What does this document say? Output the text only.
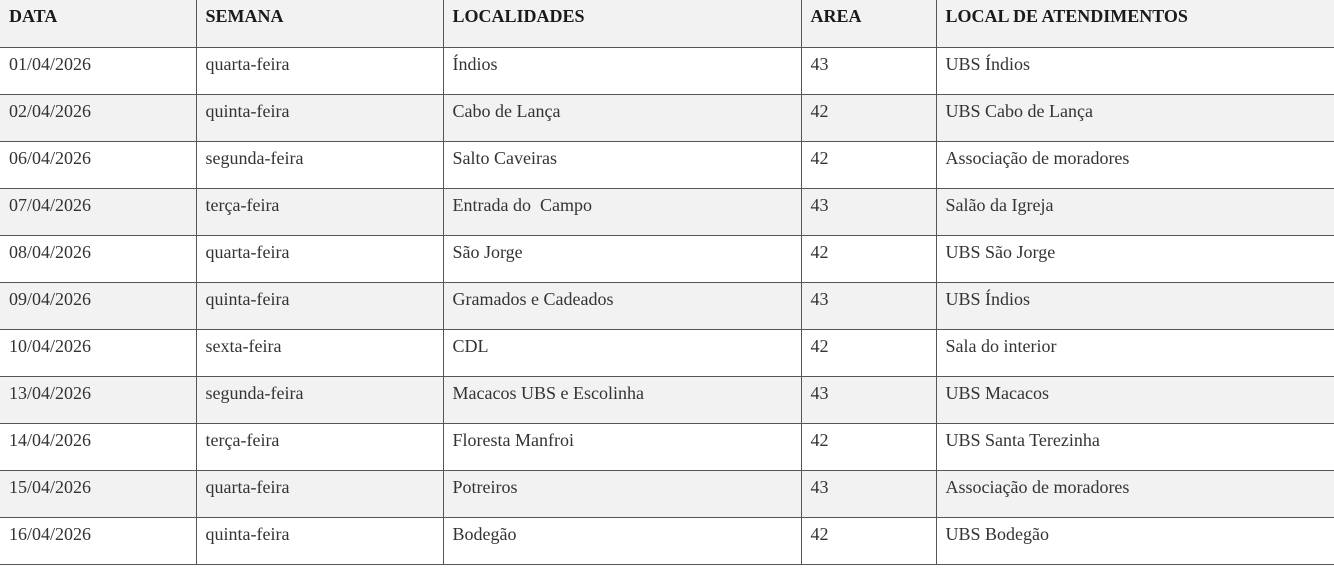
DATA	SEMANA	LOCALIDADES	AREA	LOCAL DE ATENDIMENTOS
01/04/2026	quarta-feira	Índios	43	UBS Índios
02/04/2026	quinta-feira	Cabo de Lança	42	UBS Cabo de Lança
06/04/2026	segunda-feira	Salto Caveiras	42	Associação de moradores
07/04/2026	terça-feira	Entrada do  Campo	43	Salão da Igreja
08/04/2026	quarta-feira	São Jorge	42	UBS São Jorge
09/04/2026	quinta-feira	Gramados e Cadeados	43	UBS Índios
10/04/2026	sexta-feira	CDL	42	Sala do interior
13/04/2026	segunda-feira	Macacos UBS e Escolinha	43	UBS Macacos
14/04/2026	terça-feira	Floresta Manfroi	42	UBS Santa Terezinha
15/04/2026	quarta-feira	Potreiros	43	Associação de moradores
16/04/2026	quinta-feira	Bodegão	42	UBS Bodegão
